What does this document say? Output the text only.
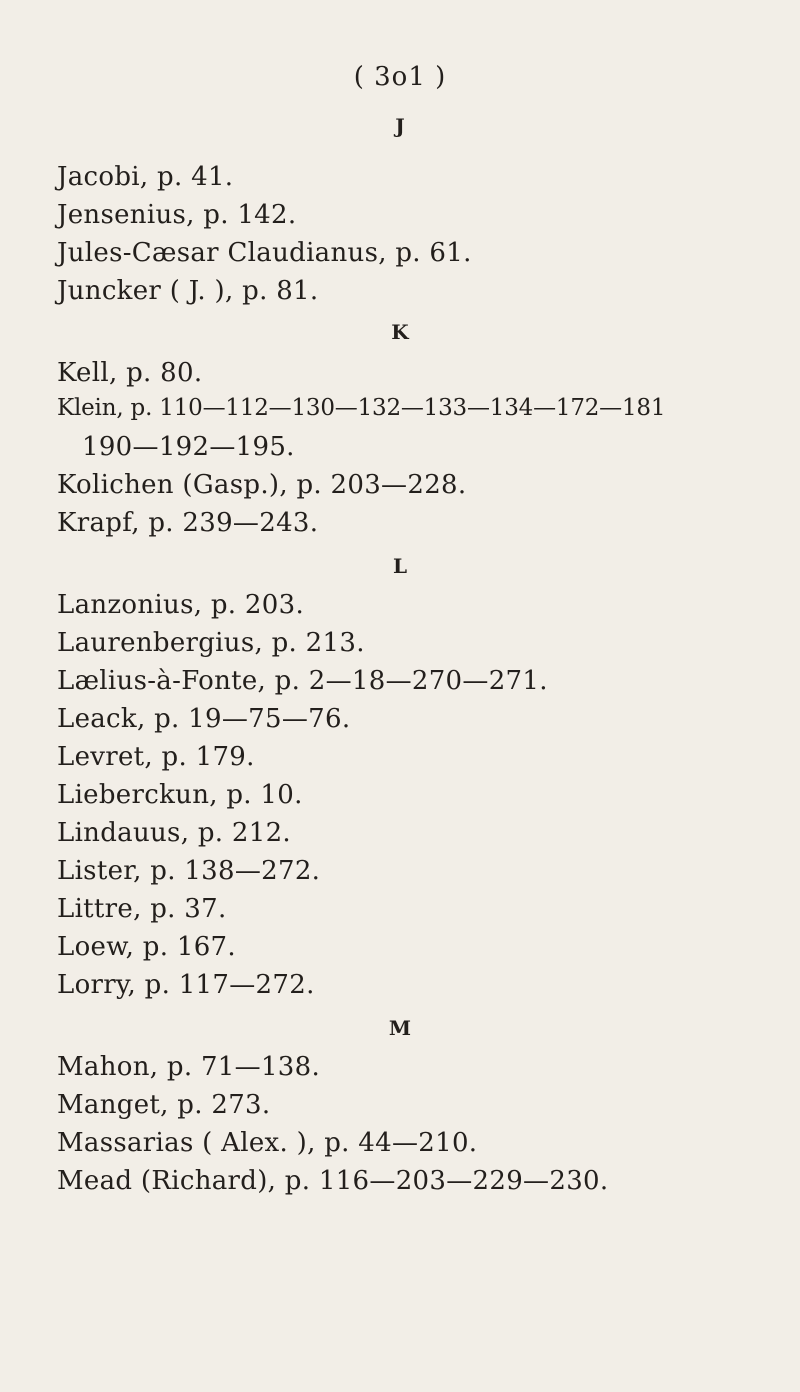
( 3o1 )
J
Jacobi, p. 41.
Jensenius, p. 142.
Jules-Cæsar Claudianus, p. 61.
Juncker ( J. ), p. 81.
K
Kell, p. 80.
Klein, p. 110—112—130—132—133—134—172—181
190—192—195.
Kolichen (Gasp.), p. 203—228.
Krapf, p. 239—243.
L
Lanzonius, p. 203.
Laurenbergius, p. 213.
Lælius-à-Fonte, p. 2—18—270—271.
Leack, p. 19—75—76.
Levret, p. 179.
Lieberckun, p. 10.
Lindauus, p. 212.
Lister, p. 138—272.
Littre, p. 37.
Loew, p. 167.
Lorry, p. 117—272.
M
Mahon, p. 71—138.
Manget, p. 273.
Massarias ( Alex. ), p. 44—210.
Mead (Richard), p. 116—203—229—230.
